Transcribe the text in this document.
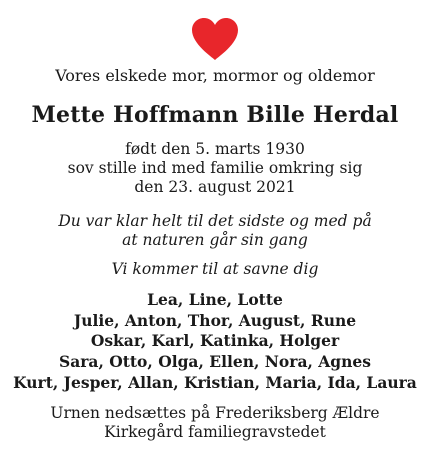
Vores elskede mor, mormor og oldemor
Mette Hoffmann Bille Herdal
født den 5. marts 1930
sov stille ind med familie omkring sig
den 23. august 2021
Du var klar helt til det sidste og med på
at naturen går sin gang
Vi kommer til at savne dig
Lea, Line, Lotte
Julie, Anton, Thor, August, Rune
Oskar, Karl, Katinka, Holger
Sara, Otto, Olga, Ellen, Nora, Agnes
Kurt, Jesper, Allan, Kristian, Maria, Ida, Laura
Urnen nedsættes på Frederiksberg Ældre
Kirkegård familiegravstedet
